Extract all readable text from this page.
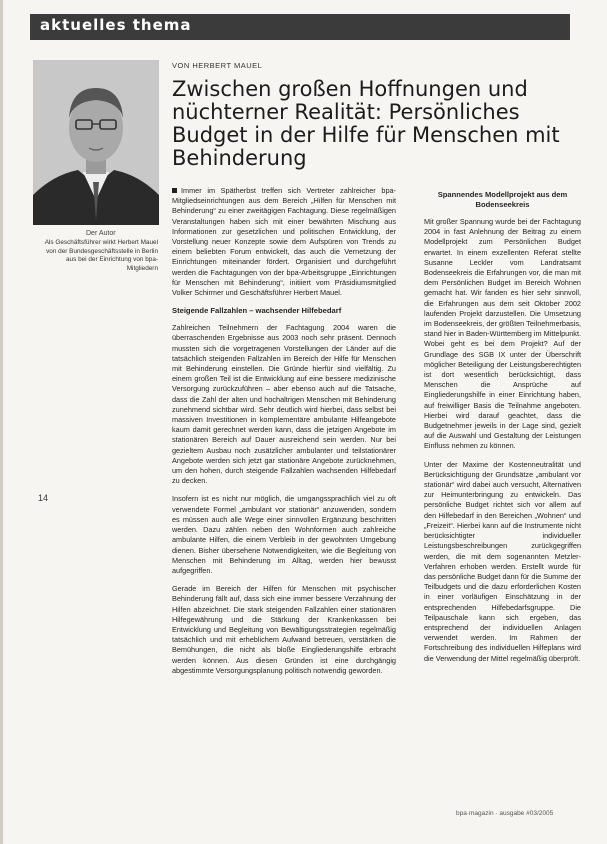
aktuelles thema
Der Autor
Als Geschäftsführer wirkt Herbert Mauel von der Bundesgeschäftsstelle in Berlin aus bei der Einrichtung von bpa-Mitgliedern
14
VON HERBERT MAUEL
Zwischen großen Hoffnungen und nüchterner Realität: Persönliches Budget in der Hilfe für Menschen mit Behinderung

Immer im Spätherbst treffen sich Vertreter zahlreicher bpa-Mitgliedseinrichtungen aus dem Bereich „Hilfen für Menschen mit Behinderung“ zu einer zweitägigen Fachtagung. Diese regelmäßigen Veranstaltungen haben sich mit einer bewährten Mischung aus Informationen zur gesetzlichen und politischen Entwicklung, der Vorstellung neuer Konzepte sowie dem Aufspüren von Trends zu einem beliebten Forum entwickelt, das auch die Vernetzung der Einrichtungen miteinander fördert. Organisiert und durchgeführt werden die Fachtagungen von der bpa-Arbeitsgruppe „Einrichtungen für Menschen mit Behinderung“, initiiert vom Präsidiumsmitglied Volker Schirmer und Geschäftsführer Herbert Mauel.

Steigende Fallzahlen – wachsender Hilfebedarf

Zahlreichen Teilnehmern der Fachtagung 2004 waren die überraschenden Ergebnisse aus 2003 noch sehr präsent. Dennoch mussten sich die vorgetragenen Vorstellungen der Länder auf die tatsächlich steigenden Fallzahlen im Bereich der Hilfe für Menschen mit Behinderung einstellen. Die Gründe hierfür sind vielfältig. Zu einem großen Teil ist die Entwicklung auf eine bessere medizinische Versorgung zurückzuführen – aber ebenso auch auf die Tatsache, dass die Zahl der alten und hochaltrigen Menschen mit Behinderung zunehmend sichtbar wird. Sehr deutlich wird hierbei, dass selbst bei massiven Investitionen in komplementäre ambulante Hilfeangebote kaum damit gerechnet werden kann, dass die jetzigen Angebote im stationären Bereich auf Dauer ausreichend sein werden. Nur bei gezieltem Ausbau noch zusätzlicher ambulanter und teilstationärer Angebote werden sich jetzt gar stationäre Angebote zurücknehmen, um den hohen, durch steigende Fallzahlen wachsenden Hilfebedarf zu decken.

Insofern ist es nicht nur möglich, die umgangssprachlich viel zu oft verwendete Formel „ambulant vor stationär“ anzuwenden, sondern es müssen auch alle Wege einer sinnvollen Ergänzung beschritten werden. Dazu zählen neben den Wohnformen auch zahlreiche ambulante Hilfen, die einem Verbleib in der gewohnten Umgebung dienen. Bisher übersehene Notwendigkeiten, wie die Begleitung von Menschen mit Behinderung im Alltag, werden hier bewusst aufgegriffen.

Gerade im Bereich der Hilfen für Menschen mit psychischer Behinderung fällt auf, dass sich eine immer bessere Verzahnung der Hilfen abzeichnet. Die stark steigenden Fallzahlen einer stationären Hilfegewährung und die Stärkung der Krankenkassen bei Entwicklung und Begleitung von Bewältigungsstrategien regelmäßig tatsächlich und mit erheblichem Aufwand betreuen, verstärken die Bemühungen, die nicht als bloße Eingliederungshilfe erbracht werden können. Aus diesen Gründen ist eine durchgängig abgestimmte Versorgungsplanung politisch notwendig geworden.

Spannendes Modellprojekt aus dem Bodenseekreis

Mit großer Spannung wurde bei der Fachtagung 2004 in fast Anlehnung der Beitrag zu einem Modellprojekt zum Persönlichen Budget erwartet. In einem exzellenten Referat stellte Susanne Leckler vom Landratsamt Bodenseekreis die Erfahrungen vor, die man mit dem Persönlichen Budget im Bereich Wohnen gemacht hat. Wir fanden es hier sehr sinnvoll, die Erfahrungen aus dem seit Oktober 2002 laufenden Projekt darzustellen. Die Umsetzung im Bodenseekreis, der größten Teilnehmerbasis, stand hier in Baden-Württemberg im Mittelpunkt. Wobei geht es bei dem Projekt? Auf der Grundlage des SGB IX unter der Überschrift möglicher Beteiligung der Leistungsberechtigten ist dort wesentlich berücksichtigt, dass Menschen die Ansprüche auf Eingliederungshilfe in einer Einrichtung haben, auf freiwilliger Basis die Teilnahme angeboten. Hierbei wird darauf geachtet, dass die Budgetnehmer jeweils in der Lage sind, gezielt auf die Auswahl und Gestaltung der Leistungen Einfluss nehmen zu können.

Unter der Maxime der Kostenneutralität und Berücksichtigung der Grundsätze „ambulant vor stationär“ wird dabei auch versucht, Alternativen zur Heimunterbringung zu entwickeln. Das persönliche Budget richtet sich vor allem auf den Hilfebedarf in den Bereichen „Wohnen“ und „Freizeit“. Hierbei kann auf die Instrumente nicht berücksichtigter individueller Leistungsbeschreibungen zurückgegriffen werden, die mit dem sogenannten Metzler-Verfahren erhoben werden. Erstellt wurde für das persönliche Budget dann für die Summe der Teilbudgets und die dazu erforderlichen Kosten in einer vorläufigen Einschätzung in der entsprechenden Hilfebedarfsgruppe. Die Teilpauschale kann sich ergeben, das entsprechend der individuellen Anlagen verwendet werden. Im Rahmen der Fortschreibung des individuellen Hilfeplans wird die Verwendung der Mittel regelmäßig überprüft.

bpa·magazin · ausgabe #03/2005
